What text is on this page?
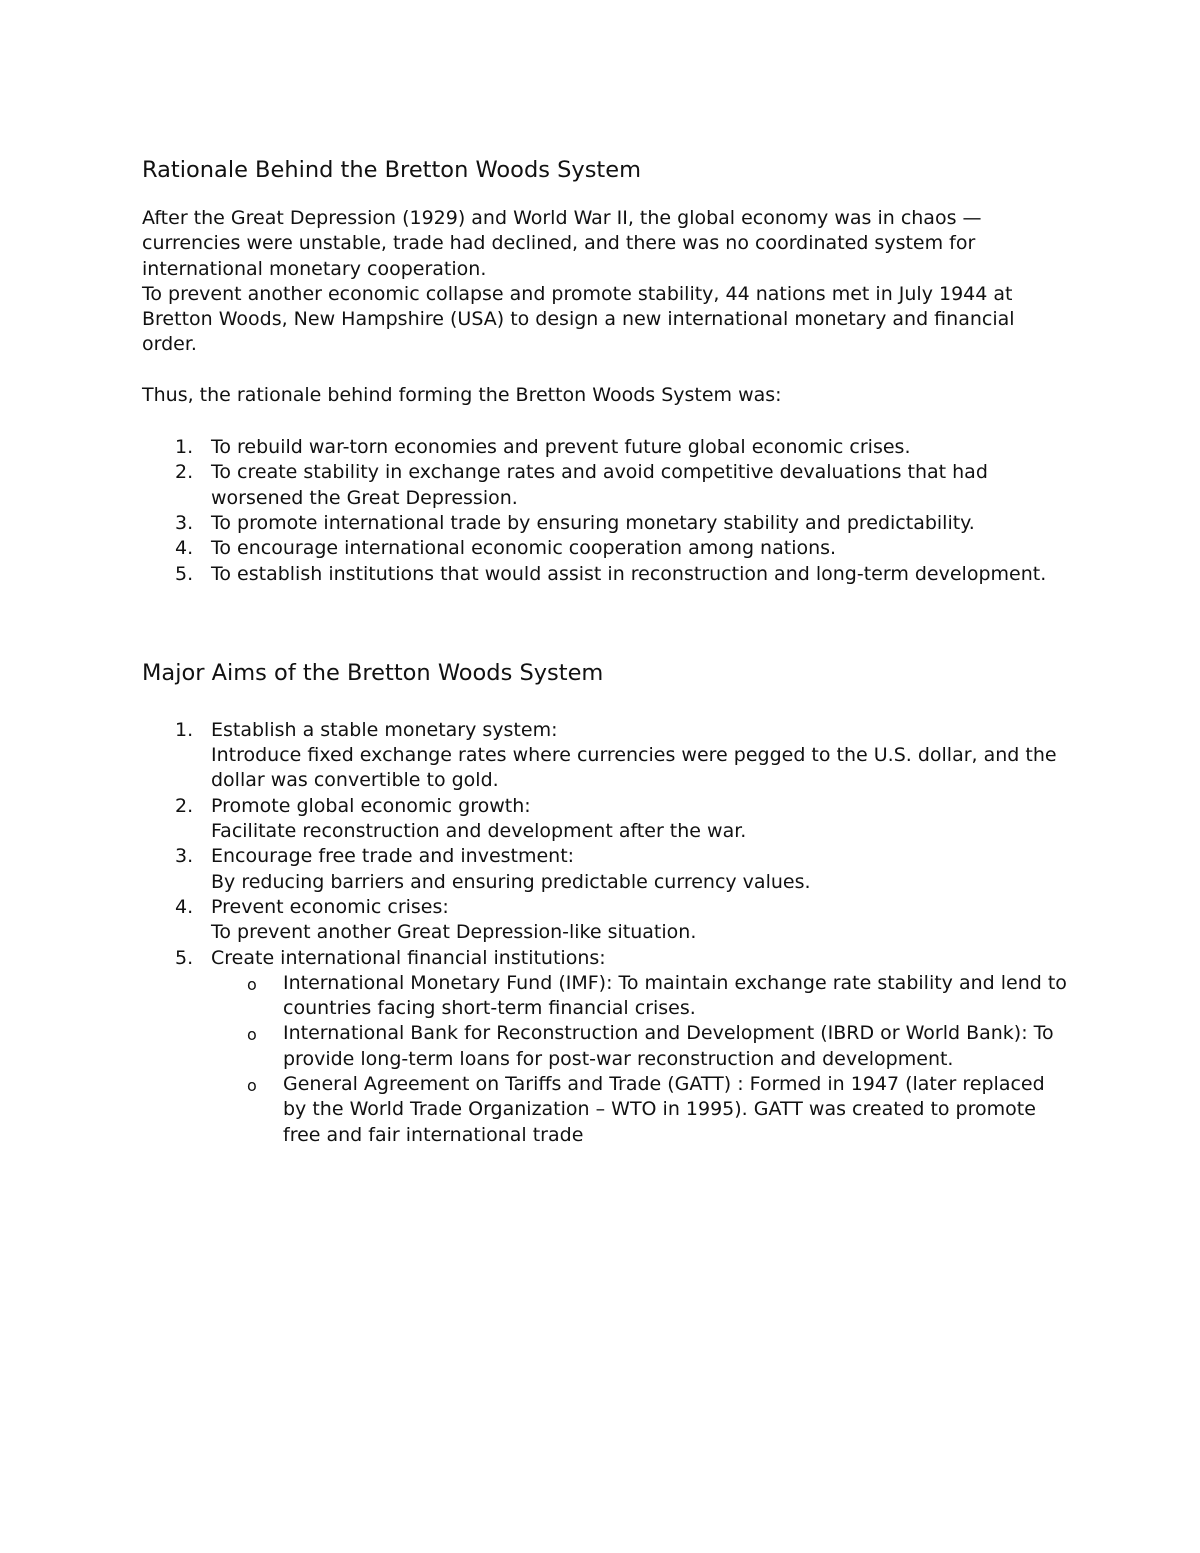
Rationale Behind the Bretton Woods System

After the Great Depression (1929) and World War II, the global economy was in chaos — currencies were unstable, trade had declined, and there was no coordinated system for international monetary cooperation.

To prevent another economic collapse and promote stability, 44 nations met in July 1944 at Bretton Woods, New Hampshire (USA) to design a new international monetary and financial order.

Thus, the rationale behind forming the Bretton Woods System was:

1. To rebuild war-torn economies and prevent future global economic crises.
2. To create stability in exchange rates and avoid competitive devaluations that had worsened the Great Depression.
3. To promote international trade by ensuring monetary stability and predictability.
4. To encourage international economic cooperation among nations.
5. To establish institutions that would assist in reconstruction and long-term development.
Major Aims of the Bretton Woods System
1. Establish a stable monetary system:
Introduce fixed exchange rates where currencies were pegged to the U.S. dollar, and the dollar was convertible to gold.
2. Promote global economic growth:
Facilitate reconstruction and development after the war.
3. Encourage free trade and investment:
By reducing barriers and ensuring predictable currency values.
4. Prevent economic crises:
To prevent another Great Depression-like situation.
5. Create international financial institutions:
o International Monetary Fund (IMF): To maintain exchange rate stability and lend to countries facing short-term financial crises.
o International Bank for Reconstruction and Development (IBRD or World Bank): To provide long-term loans for post-war reconstruction and development.
o General Agreement on Tariffs and Trade (GATT) : Formed in 1947 (later replaced by the World Trade Organization – WTO in 1995). GATT was created to promote free and fair international trade
